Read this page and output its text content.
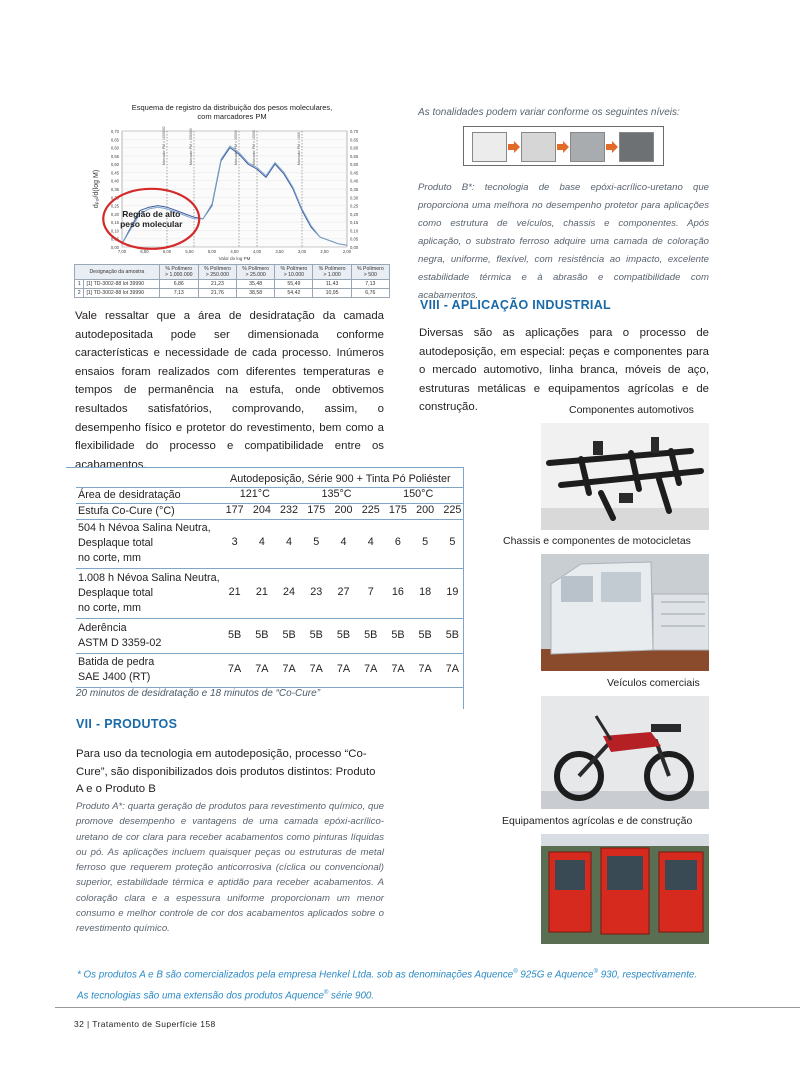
Esquema de registro da distribuição dos pesos moleculares,
com marcadores PM
0,70	0,70
0,65	0,65
0,60	0,60
0,55	0,55
0,50	0,50
0,45	0,45
0,40	0,40
0,35	0,35
0,30	0,30
0,25	0,25
0,20	0,20
0,15	0,15
0,10	0,10
0,05	0,05
0,00	0,00
7,00	6,50	6,00	5,50	5,00	4,50	4,00	3,50	3,00	2,50	2,00
Valor do log PM
dₚₒₗ/d(log M)
Marcador PM = 1000000	Marcador PM = 250000	Marcador PM = 25000	Marcador PM = 10000	Marcador PM = 1000
Região de alto
peso molecular
Designação da amostra		% Polímero
> 1.000.000	% Polímero
> 250.000	% Polímero
> 25.000	% Polímero
> 10.000	% Polímero
> 1.000	% Polímero
> 500
1	[1] TD-3002-88 lot 39990	6,86	21,23	35,48	55,49	11,43	7,13
2	[1] TD-3002-88 lot 39990	7,13	21,76	38,58	54,42	10,95	6,76

Vale ressaltar que a área de desidratação da camada autodepositada pode ser dimensionada conforme características e necessidade de cada processo. Inúmeros ensaios foram realizados com diferentes temperaturas e tempos de permanência na estufa, onde obtivemos resultados satisfatórios, comprovando, assim, o desempenho físico e protetor do revestimento, bem como a flexibilidade do processo e compatibilidade entre os acabamentos.

Autodeposição, Série 900 + Tinta Pó Poliéster
Área de desidratação	121°C	135°C	150°C
Estufa Co-Cure (°C)	177 204 232 175 200 225 175 200 225
504 h Névoa Salina Neutra,
Desplaque total
no corte, mm
3	4	4	5	4	4	6	5	5
1.008 h Névoa Salina Neutra,
Desplaque total
no corte, mm
21	21	24	23	27	7	16	18	19
Aderência
ASTM D 3359-02
5B	5B	5B	5B	5B	5B	5B	5B	5B
Batida de pedra
SAE J400 (RT)
7A	7A	7A	7A	7A	7A	7A	7A	7A
20 minutos de desidratação e 18 minutos de “Co-Cure”
VII - PRODUTOS

Para uso da tecnologia em autodeposição, processo “Co-Cure”, são disponibilizados dois produtos distintos: Produto A e o Produto B

Produto A*: quarta geração de produtos para revestimento químico, que promove desempenho e vantagens de uma camada epóxi-acrílico-uretano de cor clara para receber acabamentos como pinturas líquidas ou pó. As aplicações incluem quaisquer peças ou estruturas de metal ferroso que requerem proteção anticorrosiva (cíclica ou convencional) superior, estabilidade térmica e aptidão para receber acabamentos. A coloração clara e a espessura uniforme proporcionam um menor consumo e melhor controle de cor dos acabamentos aplicados sobre o revestimento químico.

As tonalidades podem variar conforme os seguintes níveis:

Produto B*: tecnologia de base epóxi-acrílico-uretano que proporciona uma melhora no desempenho protetor para aplicações como estrutura de veículos, chassis e componentes. Após aplicação, o substrato ferroso adquire uma camada de coloração negra, uniforme, flexível, com resistência ao impacto, excelente estabilidade térmica e à abrasão e compatibilidade com acabamentos.

VIII - APLICAÇÃO INDUSTRIAL

Diversas são as aplicações para o processo de autodeposição, em especial: peças e componentes para o mercado automotivo, linha branca, móveis de aço, estruturas metálicas e equipamentos agrícolas e de construção.	Componentes automotivos
Chassis e componentes de motocicletas
Veículos comerciais
Equipamentos agrícolas e de construção
* Os produtos A e B são comercializados pela empresa Henkel Ltda. sob as denominações Aquence® 925G e Aquence® 930, respectivamente.
As tecnologias são uma extensão dos produtos Aquence® série 900.
32 | Tratamento de Superfície 158
